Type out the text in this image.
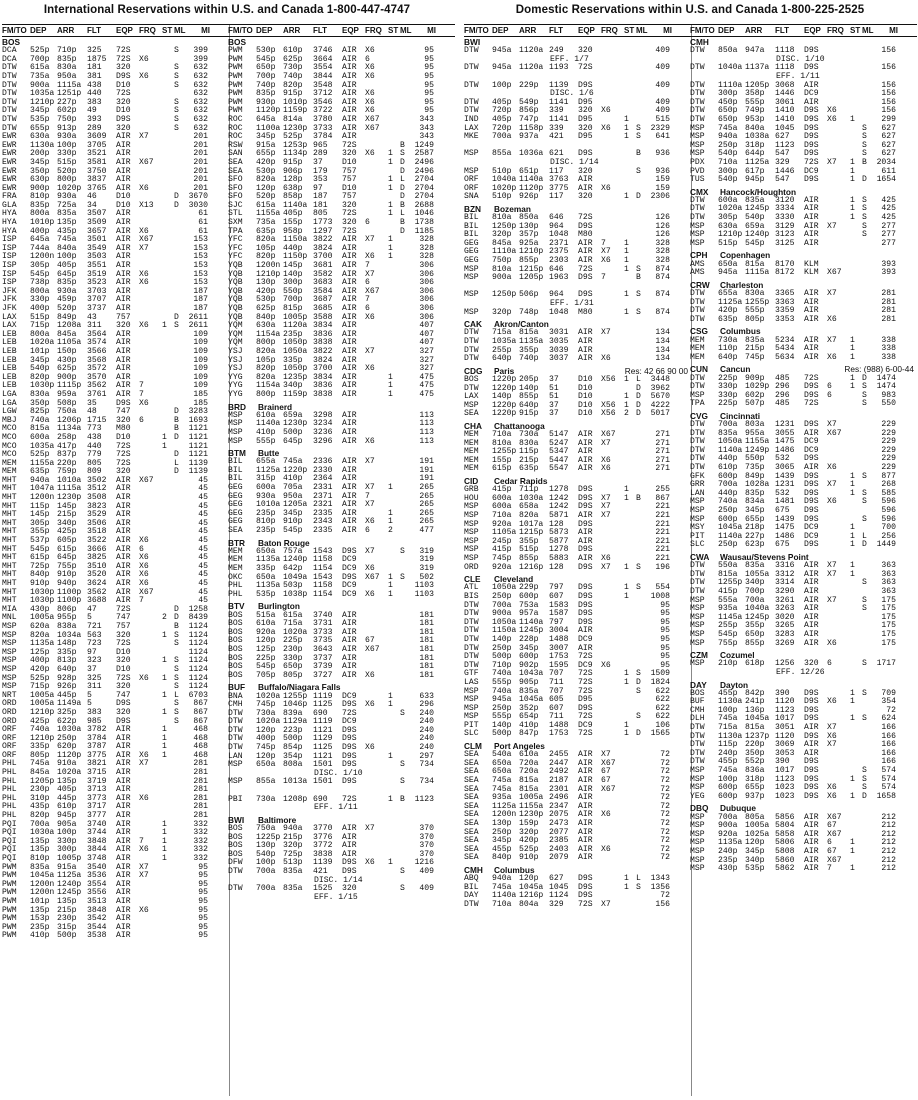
International Reservations within U.S. and Canada 1-800-447-4747
FM/TO DEP	ARR	FLT	EQP FRQ ST ML	MI
BOS
DCA	525p 710p	325	72S	S	399
DCA	700p 835p	1875	72S	X6	399
DTW	615a 830a	181	320	S	632
DTW	735a 950a	381	D9S	X6	S	632
DTW	900a 1115a 438	D10	S	632
DTW	1035a 1251p 440	72S	632
DTW	1210p 227p	383	320	S	632
DTW	345p 602p	49	D10	S	632
DTW	535p 750p	393	D9S	S	632
DTW	655p 913p	289	320	S	632
EWR	630a 930a	3609	AIR	X7	201
EWR	1130a 100p	3705	AIR	201
EWR	200p 330p	3521	AIR	201
EWR	345p 515p	3581	AIR	X67	201
EWR	350p 520p	3750	AIR	201
EWR	630p 800p	3837	AIR	201
EWR	900p 1020p 3765	AIR	X6	201
FRA	810p 930a	46	D10	D	3670
GLA	835p 725a	34	D10	X13	D	3030
HYA	800a 835a	3507	AIR	61
HYA	1010p 135p	3509	AIR	61
HYA	400p 435p	3657	AIR	X6	61
ISP	645a 745a	3501	AIR	X67	153
ISP	744a 840a	3549	AIR	X7	153
ISP	1200n 100p	3503	AIR	153
ISP	305p 405p	3551	AIR	153
ISP	545p 645p	3519	AIR	X6	153
ISP	738p 835p	3523	AIR	X6	153
JFK	800a 930a	3703	AIR	187
JFK	330p 459p	3707	AIR	187
JFK	400p 520p	3737	AIR	187
LAX	515p 849p	43	757	D	2611
LAX	715p 1208a 311	320	X6	1 S	2611
LEB	800a 845a	3564	AIR	109
LEB	1020a 1105a 3574	AIR	109
LEB	101p 150p	3566	AIR	109
LEB	345p 430p	3568	AIR	109
LEB	540p 625p	3572	AIR	109
LEB	820p 900p	3570	AIR	109
LEB	1030p 1115p 3562	AIR	7	109
LGA	830a 959a	3761	AIR	7	185
LGA	350p 508p	35	D9S	X6	185
LGW	825p 750a	48	747	D	3283
MBJ	740a 1206p 1715	320	6	B	1693
MCO	815a 1134a 773	M80	B	1121
MCO	600a 258p	438	D10	1 D	1121
MCO	1035a 417p	440	72S	1	1121
MCO	525p 837p	779	72S	D	1121
MEM	1155a 220p	805	72S	L	1139
MEM	635p 759p	809	320	D	1139
MHT	940a 1010a 3502	AIR	X67	45
MHT	1047a 1115a 3512	AIR	45
MHT	1200n 1230p 3508	AIR	45
MHT	115p 145p	3823	AIR	45
MHT	145p 215p	3529	AIR	45
MHT	305p 340p	3506	AIR	45
MHT	355p 425p	3518	AIR	45
MHT	537p 605p	3522	AIR	X6	45
MHT	545p 615p	3666	AIR	6	45
MHT	615p 645p	3825	AIR	X6	45
MHT	725p 755p	3510	AIR	X6	45
MHT	840p 910p	3520	AIR	X6	45
MHT	910p 940p	3624	AIR	X6	45
MHT	1030p 1100p 3562	AIR	X67	45
MHT	1030p 1100p 3688	AIR	7	45
MIA	430p 806p	47	72S	D	1258
MNL	1005a 955p	5	747	2 D	8439
MSP	620a 838a	721	757	B	1124
MSP	820a 1034a 563	320	1 S	1124
MSP	1135a 148p	723	72S	S	1124
MSP	125p 335p	97	D10	1124
MSP	400p 813p	323	320	1 S	1124
MSP	420p 640p	37	D10	S	1124
MSP	525p 928p	325	72S	X6	1 S	1124
MSP	715p 926p	311	320	S	1124
NRT	1005a 445p	5	747	1 L	6703
ORD	1005a 1149a 5	D9S	S	867
ORD	1210p 325p	383	320	1 S	867
ORD	425p 622p	985	D9S	S	867
ORF	740a 1030a 3782	AIR	1	468
ORF	1210p 250p	3784	AIR	1	468
ORF	335p 620p	3787	AIR	1	468
ORF	805p 1120p 3775	AIR	X6	1	468
PHL	745a 910a	3821	AIR	X7	281
PHL	845a 1020a 3715	AIR	281
PHL	1205p 135p	3719	AIR	281
PHL	230p 405p	3713	AIR	281
PHL	310p 445p	3773	AIR	X6	281
PHL	435p 610p	3717	AIR	281
PHL	820p 945p	3777	AIR	281
PQI	700a 905a	3740	AIR	1	332
PQI	1030a 100p	3744	AIR	1	332
PQI	135p 330p	3848	AIR	7	1	332
PQI	135p 300p	3844	AIR	X6	1	332
PQI	810p 1005p 3748	AIR	1	332
PWM	835a 915a	3540	AIR	X7	95
PWM	1045a 1125a 3536	AIR	X7	95
PWM	1200n 1240p 3554	AIR	95
PWM	1200n 1245p 3556	AIR	95
PWM	101p 135p	3513	AIR	95
PWM	135p 215p	3848	AIR	X6	95
PWM	153p 230p	3542	AIR	95
PWM	235p 315p	3544	AIR	95
PWM	410p 500p	3538	AIR	95
FM/TO DEP	ARR	FLT	EQP FRQ ST ML	MI
BOS
PWM	530p 610p	3746	AIR	X6	95
PWM	545p 625p	3664	AIR	6	95
PWM	650p 730p	3554	AIR	X6	95
PWM	700p 740p	3844	AIR	X6	95
PWM	740p 820p	3548	AIR	95
PWM	835p 915p	3712	AIR	X6	95
PWM	930p 1010p 3546	AIR	X6	95
PWM	1120p 1159p 3722	AIR	X6	95
ROC	645a 814a	3780	AIR	X67	343
ROC	1100a 1230p 3733	AIR	X67	343
ROC	345p 525p	3784	AIR	343
RSW	915a 1253p 965	72S	B	1249
SAN	655p 1134p 289	320	X6	1 S	2587
SEA	420p 915p	37	D10	1 D	2496
SEA	530p 906p	179	757	D	2496
SFO	820a 128p	353	757	1 L	2704
SFO	120p 638p	97	D10	1 D	2704
SFO	520p 858p	187	757	D	2704
SJC	615a 1140a 181	320	1 B	2688
STL	1155a 405p	805	72S	1 L	1046
SXM	735a 155p	1773	320	6	B	1738
TPA	635p 958p	1297	72S	D	1185
YFC	820a 1150a 3822	AIR	X7	1	328
YFC	105p 440p	3824	AIR	1	328
YFC	820p 1150p 3700	AIR	X6	1	328
YQB	1200n 145p	3681	AIR	7	306
YQB	1210p 140p	3582	AIR	X7	306
YQB	130p 300p	3683	AIR	6	306
YQB	420p 550p	3584	AIR	X67	306
YQB	530p 700p	3687	AIR	7	306
YQB	625p 815p	3685	AIR	6	306
YQB	840p 1005p 3588	AIR	X6	306
YQM	630a 1120a 3834	AIR	407
YQM	1154a 235p	3836	AIR	407
YQM	800p 1050p 3838	AIR	407
YSJ	820a 1050a 3822	AIR	X7	327
YSJ	105p 335p	3824	AIR	327
YSJ	820p 1050p 3700	AIR	X6	327
YYG	820a 1235p 3834	AIR	1	475
YYG	1154a 340p	3836	AIR	1	475
YYG	800p 1159p 3838	AIR	1	475
BRD Brainerd
MSP	610a 659a	3298	AIR	113
MSP	1140a 1230p 3234	AIR	113
MSP	410p 500p	3236	AIR	113
MSP	555p 645p	3296	AIR	X6	113
BTM Butte
BIL	655a 745a	2336	AIR	X7	191
BIL	1125a 1220p 2330	AIR	191
BIL	315p 410p	2364	AIR	191
GEG	600a 705a	2331	AIR	X7	1	265
GEG	930a 950a	2371	AIR	7	265
GEG	1010a 1205a 2321	AIR	X7	265
GEG	235p 345p	2335	AIR	1	265
GEG	810p 910p	2343	AIR	X6	1	265
SEA	235p 545p	2335	AIR	6	2	477
BTR Baton Rouge
MEM	650a 757a	1543	D9S	X7	S	319
MEM	1135a 1240p 1158	DC9	319
MEM	335p 642p	1154	DC9	X6	319
OKC	650a 1049a 1543	D9S	X67	1 S	502
PHL	1135a 503p	1158	DC9	1	1103
PHL	535p 1038p 1154	DC9	X6	1	1103
BTV Burlington
BOS	515a 615a	3740	AIR	181
BOS	610a 715a	3731	AIR	181
BOS	920a 1020a 3733	AIR	181
BOS	120p 225p	3735	AIR	67	181
BOS	125p 230p	3643	AIR	X67	181
BOS	225p 330p	3737	AIR	181
BOS	545p 650p	3739	AIR	181
BOS	705p 805p	3727	AIR	X6	181
BUF Buffalo/Niagara Falls
BNA	1020a 1255p 1119	DC9	1	633
CMH	745p 1046p 1125	D9S	X6	1	296
DTW	730a 839a	690	72S	S	240
DTW	1020a 1129a 1119	DC9	240
DTW	120p 223p	1121	D9S	240
DTW	400p 500p	1129	D9S	240
DTW	745p 854p	1125	D9S	X6	240
LAN	120p 354p	1121	D9S	1	297
MSP	650a 808a	1501	D9S	S	734
DISC. 1/10
MSP	855a 1013a 1501	D9S	S	734
PBI	730a 1208p 690	72S	1 B	1123
EFF. 1/11
BWI Baltimore
BOS	750a 940a	3770	AIR	X7	370
BOS	1225p 215p	3776	AIR	370
BOS	130p 320p	3772	AIR	370
BOS	540p 725p	3838	AIR	370
DFW	100p 513p	1139	D9S	X6	1	1216
DTW	700a 835a	421	D9S	S	409
DISC. 1/14
DTW	700a 835a	1525	320	S	409
EFF. 1/15
Domestic Reservations within U.S. and Canada 1-800-225-2525
FM/TO DEP	ARR	FLT	EQP FRQ ST ML	MI
BWI
DTW	945a 1120a 249	320	409
EFF. 1/7
DTW	945a 1120a 1193	72S	409
DTW	100p 229p	1139	D9S	409
DISC. 1/6
DTW	405p 549p	1141	D95	409
DTW	720p 856p	339	320	X6	409
IND	405p 747p	1141	D95	1	515
LAX	720p 1158p 339	320	X6	1 S	2329
MKE	700a 937a	421	D95	1 S	641
MSP	855a 1036a 621	D9S	B	936
DISC. 1/14
MSP	510p 651p	117	320	S	936
ORF	1040a 1140a 3763	AIR	159
ORF	1020p 1120p 3775	AIR	X6	159
SNA	510p 926p	117	320	1 D	2306
BZN Bozeman
BIL	810a 850a	646	72S	126
BIL	1250p 130p	964	D9S	126
BIL	320p 357p	1048	M80	126
GEG	845a 925a	2371	AIR	7	1	328
GEG	1110a 1210p 2375	AIR	X7	1	328
GEG	750p 855p	2303	AIR	X6	1	328
MSP	810a 1215p 646	72S	1 S	874
MSP	900a 1205p 1963	D9S	7	B	874
MSP	1250p 506p	964	D9S	1 S	874
EFF. 1/31
MSP	320p 748p	1048	M80	1 S	874
CAK Akron/Canton
DTW	715a 815a	3031	AIR	X7	134
DTW	1035a 1135a 3035	AIR	134
DTW	255p 355p	3039	AIR	134
DTW	640p 740p	3037	AIR	X6	134
CDG Paris	Res: 42 66 90 00
BOS	1220p 205p	37	D10	X56	1 L	3448
DTW	1220p 140p	51	D10	D	3962
LAX	140p 855p	51	D10	1 D	5670
MSP	1220p 640p	37	D10	X56	1 D	4222
SEA	1220p 915p	37	D10	X56	2 D	5017
CHA Chattanooga
MEM	710a 730a	5147	AIR	X67	271
MEM	810a 830a	5247	AIR	X7	271
MEM	1255p 115p	5347	AIR	271
MEM	155p 215p	5447	AIR	X6	271
MEM	615p 635p	5547	AIR	X6	271
CID Cedar Rapids
GRB	415p 711p	1278	D9S	1	255
HOU	600a 1030a 1242	D9S	X7	1 B	867
MSP	600a 658a	1242	D9S	X7	221
MSP	710a 820a	5871	AIR	X7	221
MSP	920a 1017a 128	D9S	221
MSP	1105a 1215p 5873	AIR	221
MSP	245p 355p	5877	AIR	221
MSP	415p 515p	1278	D9S	221
MSP	745p 855p	5883	AIR	X6	221
ORD	920a 1216p 128	D9S	X7	1 S	196
CLE Cleveland
ATL	1050a 229p	797	D9S	1 S	554
BIS	250p 600p	607	D9S	1	1008
DTW	700a 753a	1583	D9S	95
DTW	900a 957a	1587	D9S	95
DTW	1050a 1140a 797	D9S	95
DTW	1150a 1245p 3004	AIR	95
DTW	140p 228p	1488	DC9	95
DTW	250p 345p	3007	AIR	95
DTW	500p 600p	1753	72S	95
DTW	710p 902p	1595	DC9	X6	95
GTF	740a 1043a 707	72S	1 S	1509
LAS	555p 905p	711	72S	1 D	1824
MSP	740a 835a	707	72S	S	622
MSP	945a 1045a 605	D95	622
MSP	250p 352p	607	D9S	622
MSP	555p 654p	711	72S	S	622
PIT	140p 410p	1488	DC9	1	106
SLC	500p 847p	1753	72S	1 D	1565
CLM Port Angeles
SEA	540a 610a	2455	AIR	X7	72
SEA	650a 720a	2447	AIR	X67	72
SEA	650a 720a	2492	AIR	67	72
SEA	745a 815a	2187	AIR	67	72
SEA	745a 815a	2301	AIR	X67	72
SEA	935a 1005a 2496	AIR	72
SEA	1125a 1155a 2347	AIR	72
SEA	1200n 1230p 2075	AIR	X6	72
SEA	130p 159p	2473	AIR	72
SEA	250p 320p	2077	AIR	72
SEA	345p 420p	2385	AIR	72
SEA	455p 525p	2403	AIR	X6	72
SEA	840p 910p	2079	AIR	72
CMH Columbus
ABQ	940a 120p	627	D9S	1 L	1343
BIL	745a 1045a 1045	D9S	1 S	1356
DAY	1140a 1216p 1124	D9S	72
DTW	710a 804a	329	72S	X7	156
FM/TO DEP	ARR	FLT	EQP FRQ ST ML	MI
CMH
DTW	850a 947a	1118	D9S	156
DISC. 1/10
DTW	1040a 1137a 1118	D9S	156
EFF. 1/11
DTW	1110a 1205p 3068	AIR	156
DTW	300p 358p	1446	DC9	156
DTW	450p 555p	3061	AIR	156
DTW	650p 749p	1410	D9S	X6	156
DTW	650p 953p	1410	D9S	X6	1	299
MSP	745a 840a	1045	D9S	S	627
MSP	940a 1038a 627	D9S	S	627
MSP	250p 318p	1123	D9S	S	627
MSP	540p 644p	547	D9S	S	627
PDX	710a 1125a 329	72S	X7	1 B	2034
PVD	300p 617p	1446	DC9	1	611
TUS	540p 945p	547	D9S	1 D	1654
CMX Hancock/Houghton
DTW	600a 835a	3120	AIR	1 S	425
DTW	1020a 1245p 3334	AIR	1 S	425
DTW	305p 540p	3330	AIR	1 S	425
MSP	630a 659a	3129	AIR	X7	S	277
MSP	1210p 1240p 3123	AIR	S	277
MSP	515p 545p	3125	AIR	277
CPH Copenhagen
AMS	650a 815a	8170	KLM	393
AMS	945a 1115a 8172	KLM	X67	393
CRW Charleston
DTW	655a 830a	3365	AIR	X7	281
DTW	1125a 1255p 3363	AIR	281
DTW	420p 555p	3359	AIR	281
DTW	635p 805p	3353	AIR	X6	281
CSG Columbus
MEM	730a 835a	5234	AIR	X7	1	338
MEM	110p 215p	5434	AIR	1	338
MEM	640p 745p	5634	AIR	X6	1	338
CUN Cancun	Res: (988) 6-00-44
DTW	225p 909p	485	72S	1 D	1474
DTW	330p 1029p 296	D9S	6	1 S	1474
MSP	330p 602p	296	D9S	6	S	983
TPA	225p 507p	485	72S	S	550
CVG Cincinnati
DTW	700a 803a	1231	D9S	X7	229
DTW	835a 955a	3055	AIR	X67	229
DTW	1050a 1155a 1475	DC9	229
DTW	1140a 1249p 1486	DC9	229
DTW	440p 550p	532	D9S	229
DTW	610p 735p	3065	AIR	X6	229
GFK	600p 849p	1439	D9S	1 S	877
GRR	700a 1028a 1231	D9S	X7	1	268
LAN	440p 835p	532	D9S	1 S	585
MSP	740a 834a	1481	D9S	X6	S	596
MSP	250p 345p	675	D9S	596
MSP	600p 655p	1439	D9S	S	596
MSY	1045a 218p	1475	DC9	1	700
PIT	1140a 227p	1486	DC9	1 L	256
SLC	250p 623p	675	D9S	1 D	1449
CWA Wausau/Stevens Point
DTW	550a 835a	3316	AIR	X7	1	363
DTW	815a 1055a 3312	AIR	X7	1	363
DTW	1255p 340p	3314	AIR	S	363
DTW	415p 700p	3290	AIR	363
MSP	555a 700a	3261	AIR	X7	S	175
MSP	935a 1040a 3263	AIR	S	175
MSP	1145a 1245p 3020	AIR	175
MSP	255p 355p	3265	AIR	175
MSP	545p 650p	3283	AIR	175
MSP	755p 855p	3269	AIR	X6	175
CZM Cozumel
MSP	210p 618p	1256	320	6	S	1717
EFF. 12/26
DAY Dayton
BOS	455p 842p	390	D9S	1 S	709
BUF	1130a 241p	1120	D9S	X6	1	354
CMH	100p 136p	1123	D9S	72
DLH	745a 1045a 1017	D9S	1 S	624
DTW	715a 815a	3051	AIR	X7	166
DTW	1130a 1237p 1120	D9S	X6	166
DTW	115p 220p	3069	AIR	X7	166
DTW	240p 350p	3053	AIR	166
DTW	455p 552p	390	D9S	166
MSP	745a 836a	1017	D9S	S	574
MSP	100p 318p	1123	D9S	1 S	574
MSP	600p 655p	1023	D9S	X6	S	574
YEG	600p 937p	1023	D9S	X6	1 D	1658
DBQ Dubuque
MSP	700a 805a	5856	AIR	X67	212
MSP	900a 1005a 5804	AIR	67	212
MSP	920a 1025a 5858	AIR	X67	212
MSP	1135a 120p	5806	AIR	6	1	212
MSP	240p 345p	5808	AIR	67	1	212
MSP	235p 340p	5860	AIR	X67	212
MSP	430p 535p	5862	AIR	7	1	212
